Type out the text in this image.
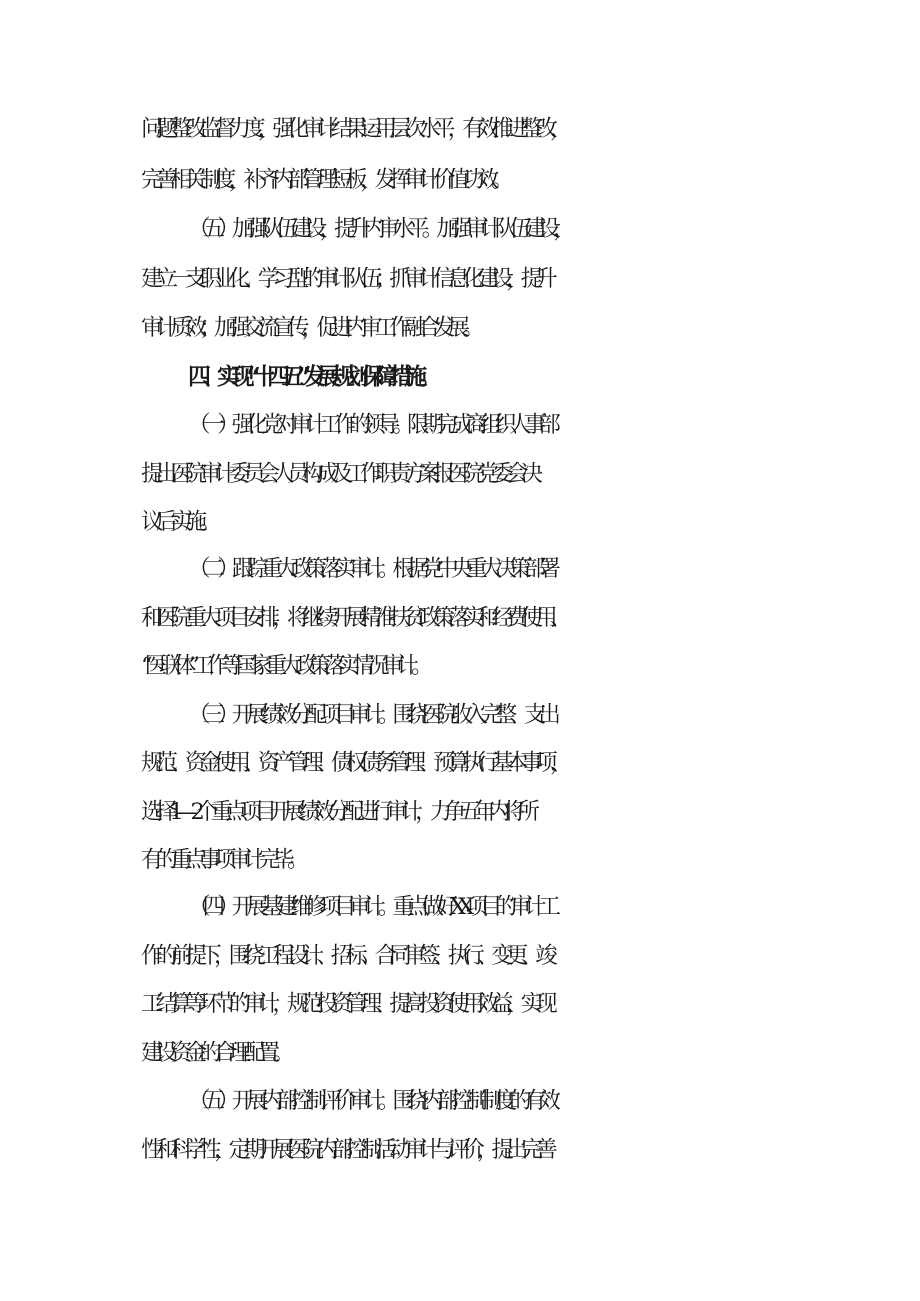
问题整改监督力度，强化审计结果运用层次水平，有效推进整改，
完善相关制度，补齐内部管理短板，发挥审计价值功效。
（五）加强队伍建设，提升内审水平。加强审计队伍建设，
建立一支职业化、学习型的审计队伍；抓审计信息化建设，提升
审计质效；加强交流宣传，促进内审工作融合发展。
四、实现“十四五”发展规划保障措施。
（一）强化党对审计工作的领导。限期完成商组织人事部
提出医院审计委员会人员构成及工作职责方案报医院党委会决
议后实施。
（二）跟踪重大政策落实审计。根据党中央重大决策部署
和医院重大项目安排，将继续开展精准扶贫政策落实和经费使用、
“医联体”工作等国家重大政策落实情况审计。
（三）开展绩效分配项目审计。围绕医院收入完整、支出
规范、资金使用、资产管理、债权债务管理、预算执行基本事项，
选择 1—2 个重点项目开展绩效分配进行审计，力争五年内将所
有的重点事项审计完毕。
（四）开展基建维修项目审计。重点做好 XX 项目的审计工
作的前提下，围绕工程设计、招标、合同审签、执行、变更、竣
工结算等环节的审计，规范投资管理、提高投资使用效益，实现
建设资金的合理配置。
（五）开展内部控制评价审计。围绕内部控制制度的有效
性和科学性，定期开展医院内部控制活动审计与评价，提出完善
